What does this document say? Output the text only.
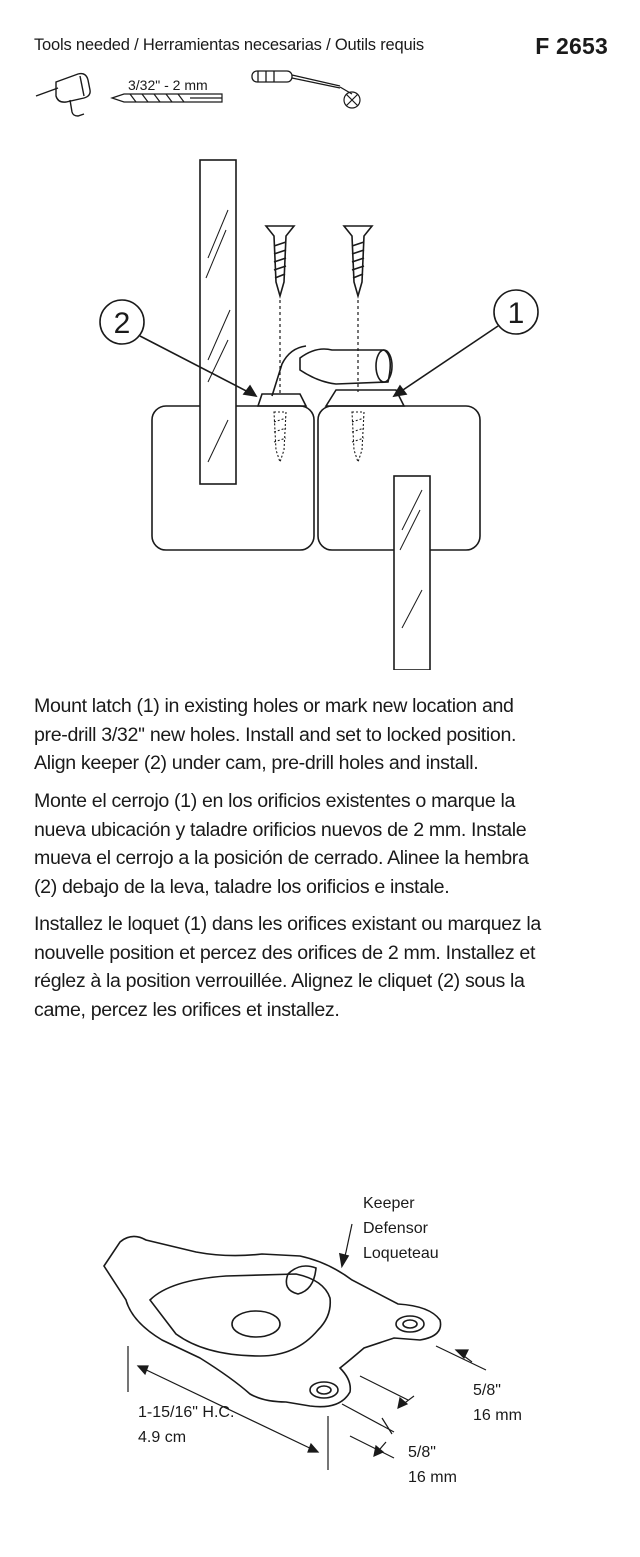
Tools needed / Herramientas necesarias / Outils requis	F 2653
3/32" - 2 mm
2	1

Mount latch (1) in existing holes or mark new location and
pre-drill 3/32'' new holes. Install and set to locked position.
Align keeper (2) under cam, pre-drill holes and install.

Monte el cerrojo (1) en los orificios existentes o marque la
nueva ubicación y taladre orificios nuevos de 2 mm. Instale
mueva el cerrojo a la posición de cerrado. Alinee la hembra
(2) debajo de la leva, taladre los orificios e instale.

Installez le loquet (1) dans les orifices existant ou marquez la
nouvelle position et percez des orifices de 2 mm. Installez et
réglez à la position verrouillée. Alignez le cliquet (2) sous la
came, percez les orifices et installez.

Keeper
Defensor
Loqueteau
1-15/16" H.C.
4.9 cm
5/8"
16 mm
5/8"
16 mm
